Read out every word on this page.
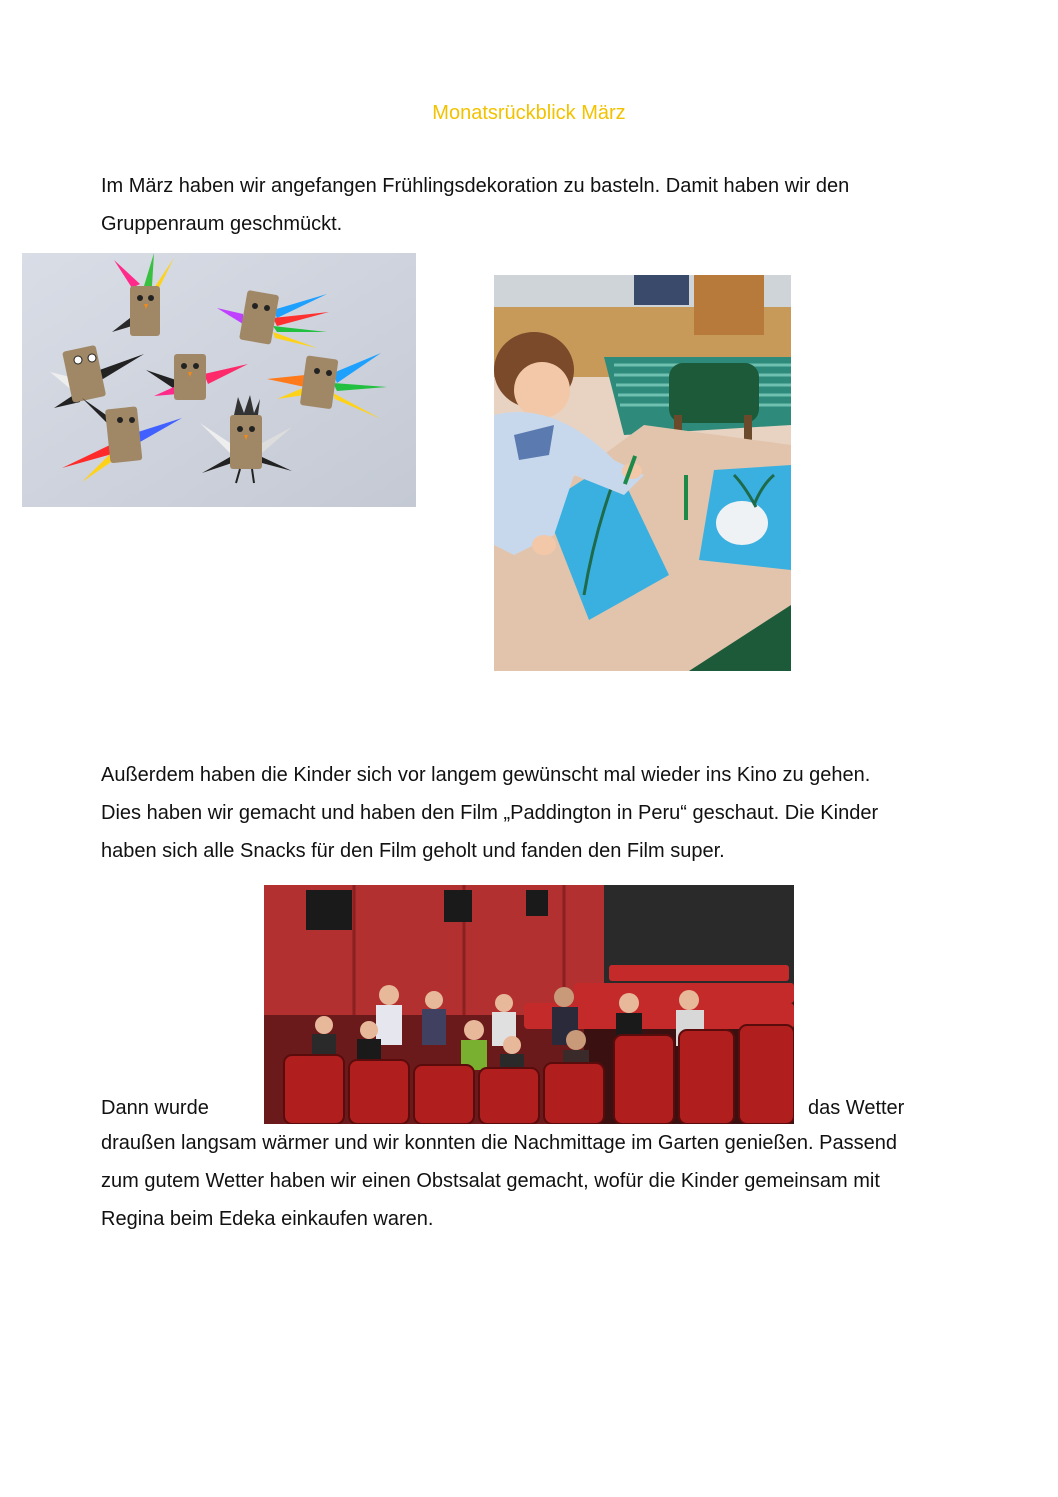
Monatsrückblick März
Im März haben wir angefangen Frühlingsdekoration zu basteln. Damit haben wir den
Gruppenraum geschmückt.
Außerdem haben die Kinder sich vor langem gewünscht mal wieder ins Kino zu gehen.
Dies haben wir gemacht und haben den Film „Paddington in Peru“ geschaut. Die Kinder
haben sich alle Snacks für den Film geholt und fanden den Film super.
Dann wurde	das Wetter
draußen langsam wärmer und wir konnten die Nachmittage im Garten genießen. Passend
zum gutem Wetter haben wir einen Obstsalat gemacht, wofür die Kinder gemeinsam mit
Regina beim Edeka einkaufen waren.
